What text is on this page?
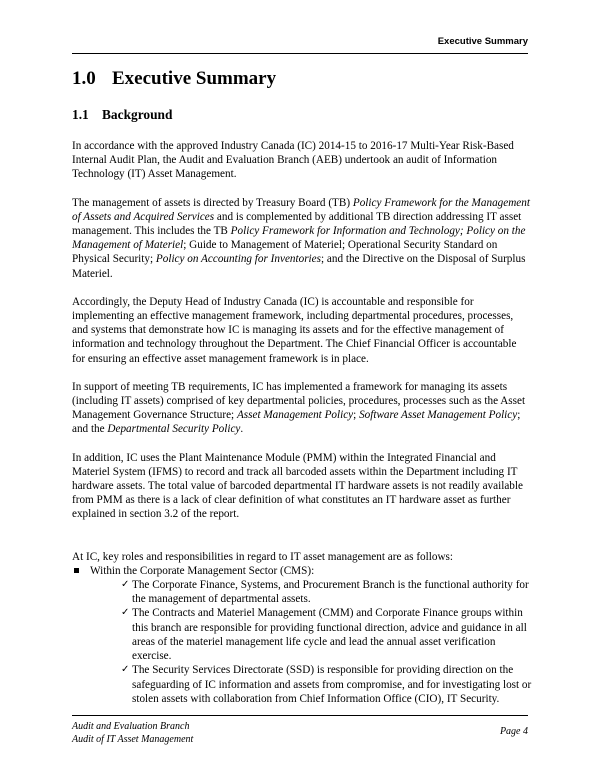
Executive Summary
1.0 Executive Summary
1.1 Background

In accordance with the approved Industry Canada (IC) 2014-15 to 2016-17 Multi-Year Risk-Based Internal Audit Plan, the Audit and Evaluation Branch (AEB) undertook an audit of Information Technology (IT) Asset Management.

The management of assets is directed by Treasury Board (TB) Policy Framework for the Management of Assets and Acquired Services and is complemented by additional TB direction addressing IT asset management. This includes the TB Policy Framework for Information and Technology; Policy on the Management of Materiel; Guide to Management of Materiel; Operational Security Standard on Physical Security; Policy on Accounting for Inventories; and the Directive on the Disposal of Surplus Materiel.

Accordingly, the Deputy Head of Industry Canada (IC) is accountable and responsible for implementing an effective management framework, including departmental procedures, processes, and systems that demonstrate how IC is managing its assets and for the effective management of information and technology throughout the Department. The Chief Financial Officer is accountable for ensuring an effective asset management framework is in place.

In support of meeting TB requirements, IC has implemented a framework for managing its assets (including IT assets) comprised of key departmental policies, procedures, processes such as the Asset Management Governance Structure; Asset Management Policy; Software Asset Management Policy; and the Departmental Security Policy.

In addition, IC uses the Plant Maintenance Module (PMM) within the Integrated Financial and Materiel System (IFMS) to record and track all barcoded assets within the Department including IT hardware assets. The total value of barcoded departmental IT hardware assets is not readily available from PMM as there is a lack of clear definition of what constitutes an IT hardware asset as further explained in section 3.2 of the report.

At IC, key roles and responsibilities in regard to IT asset management are as follows:

Within the Corporate Management Sector (CMS):
✓ The Corporate Finance, Systems, and Procurement Branch is the functional authority for the management of departmental assets.
✓ The Contracts and Materiel Management (CMM) and Corporate Finance groups within this branch are responsible for providing functional direction, advice and guidance in all areas of the materiel management life cycle and lead the annual asset verification exercise.
✓ The Security Services Directorate (SSD) is responsible for providing direction on the safeguarding of IC information and assets from compromise, and for investigating lost or stolen assets with collaboration from Chief Information Office (CIO), IT Security.
Audit and Evaluation Branch
Audit of IT Asset Management
Page 4
